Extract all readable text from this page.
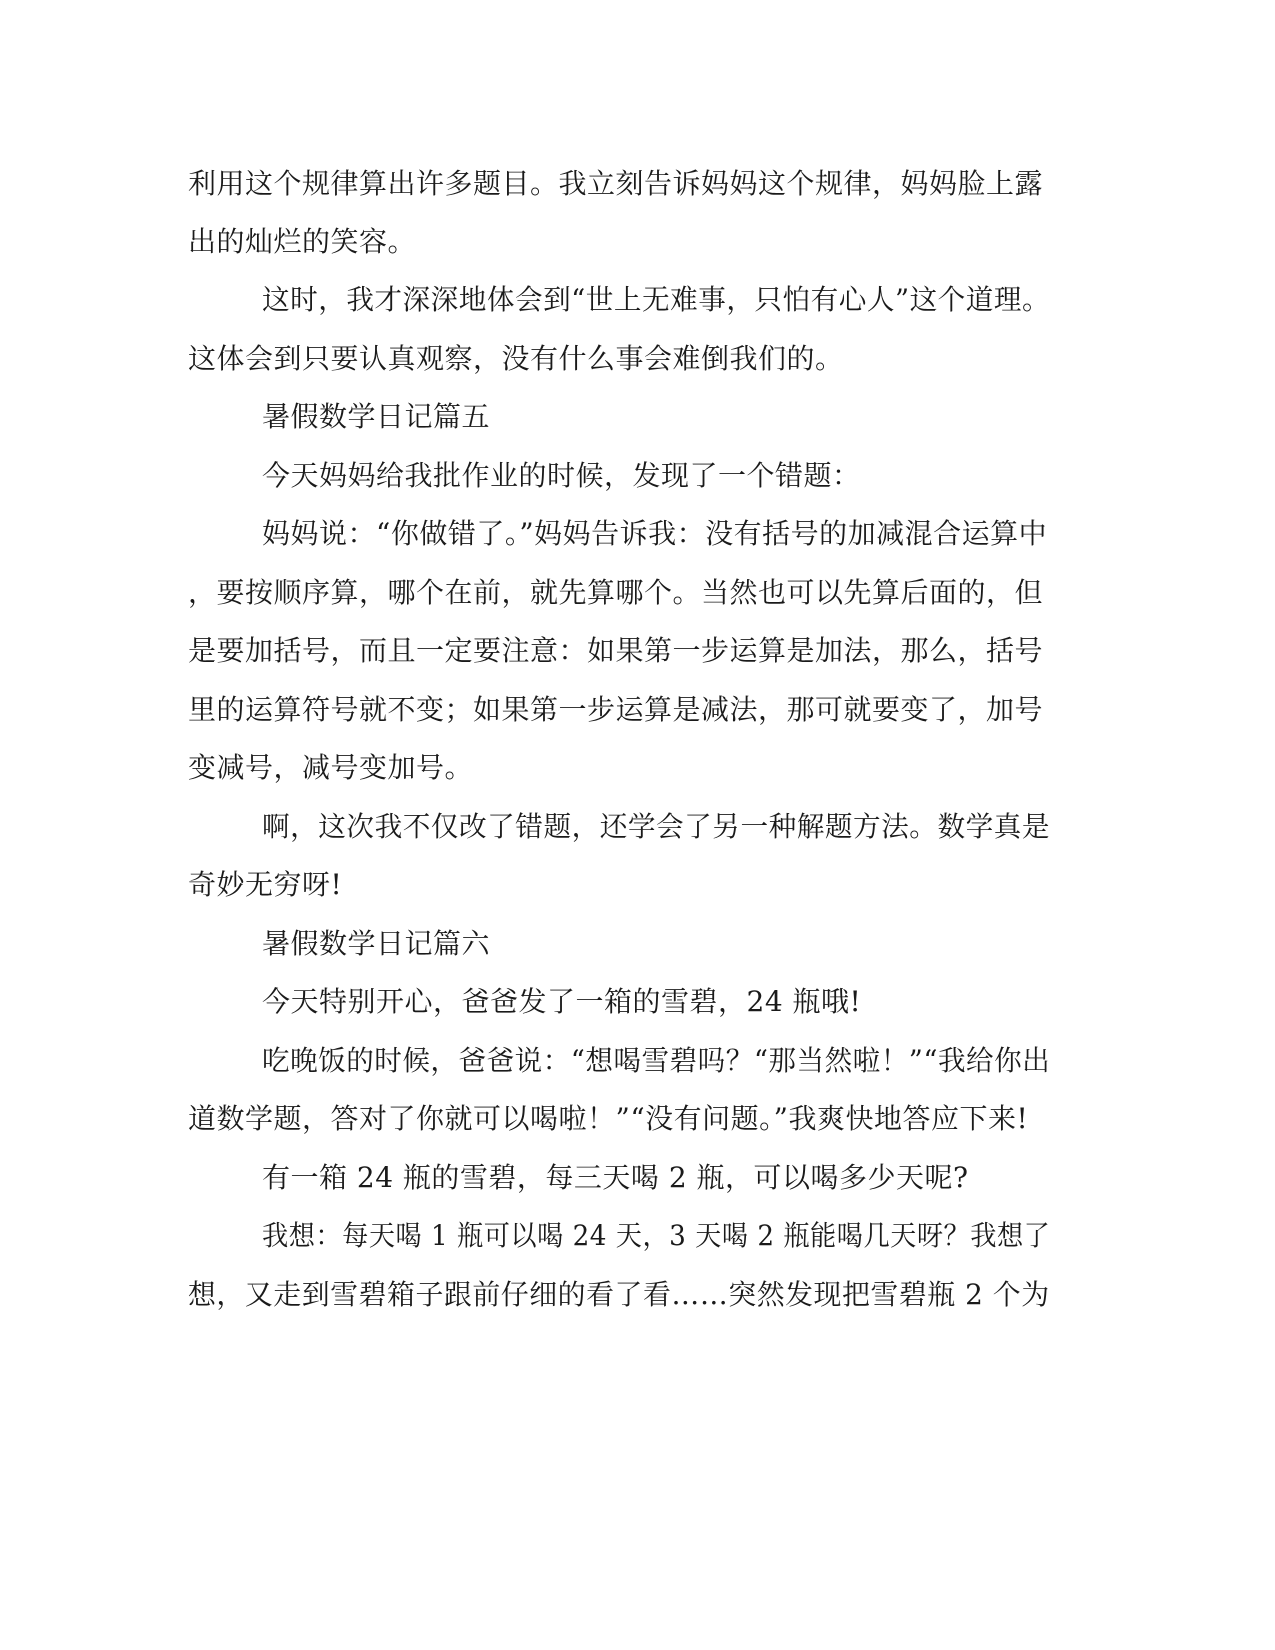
利用这个规律算出许多题目。我立刻告诉妈妈这个规律，妈妈脸上露
出的灿烂的笑容。
这时，我才深深地体会到“世上无难事，只怕有心人”这个道理。
这体会到只要认真观察，没有什么事会难倒我们的。
暑假数学日记篇五
今天妈妈给我批作业的时候，发现了一个错题：
妈妈说：“你做错了。”妈妈告诉我：没有括号的加减混合运算中
，要按顺序算，哪个在前，就先算哪个。当然也可以先算后面的，但
是要加括号，而且一定要注意：如果第一步运算是加法，那么，括号
里的运算符号就不变；如果第一步运算是减法，那可就要变了，加号
变减号，减号变加号。
啊，这次我不仅改了错题，还学会了另一种解题方法。数学真是
奇妙无穷呀!
暑假数学日记篇六
今天特别开心，爸爸发了一箱的雪碧，24 瓶哦!
吃晚饭的时候，爸爸说：“想喝雪碧吗？“那当然啦！”“我给你出
道数学题，答对了你就可以喝啦！”“没有问题。”我爽快地答应下来!
有一箱 24 瓶的雪碧，每三天喝 2 瓶，可以喝多少天呢?
我想：每天喝 1 瓶可以喝 24 天，3 天喝 2 瓶能喝几天呀？我想了
想，又走到雪碧箱子跟前仔细的看了看……突然发现把雪碧瓶 2 个为
